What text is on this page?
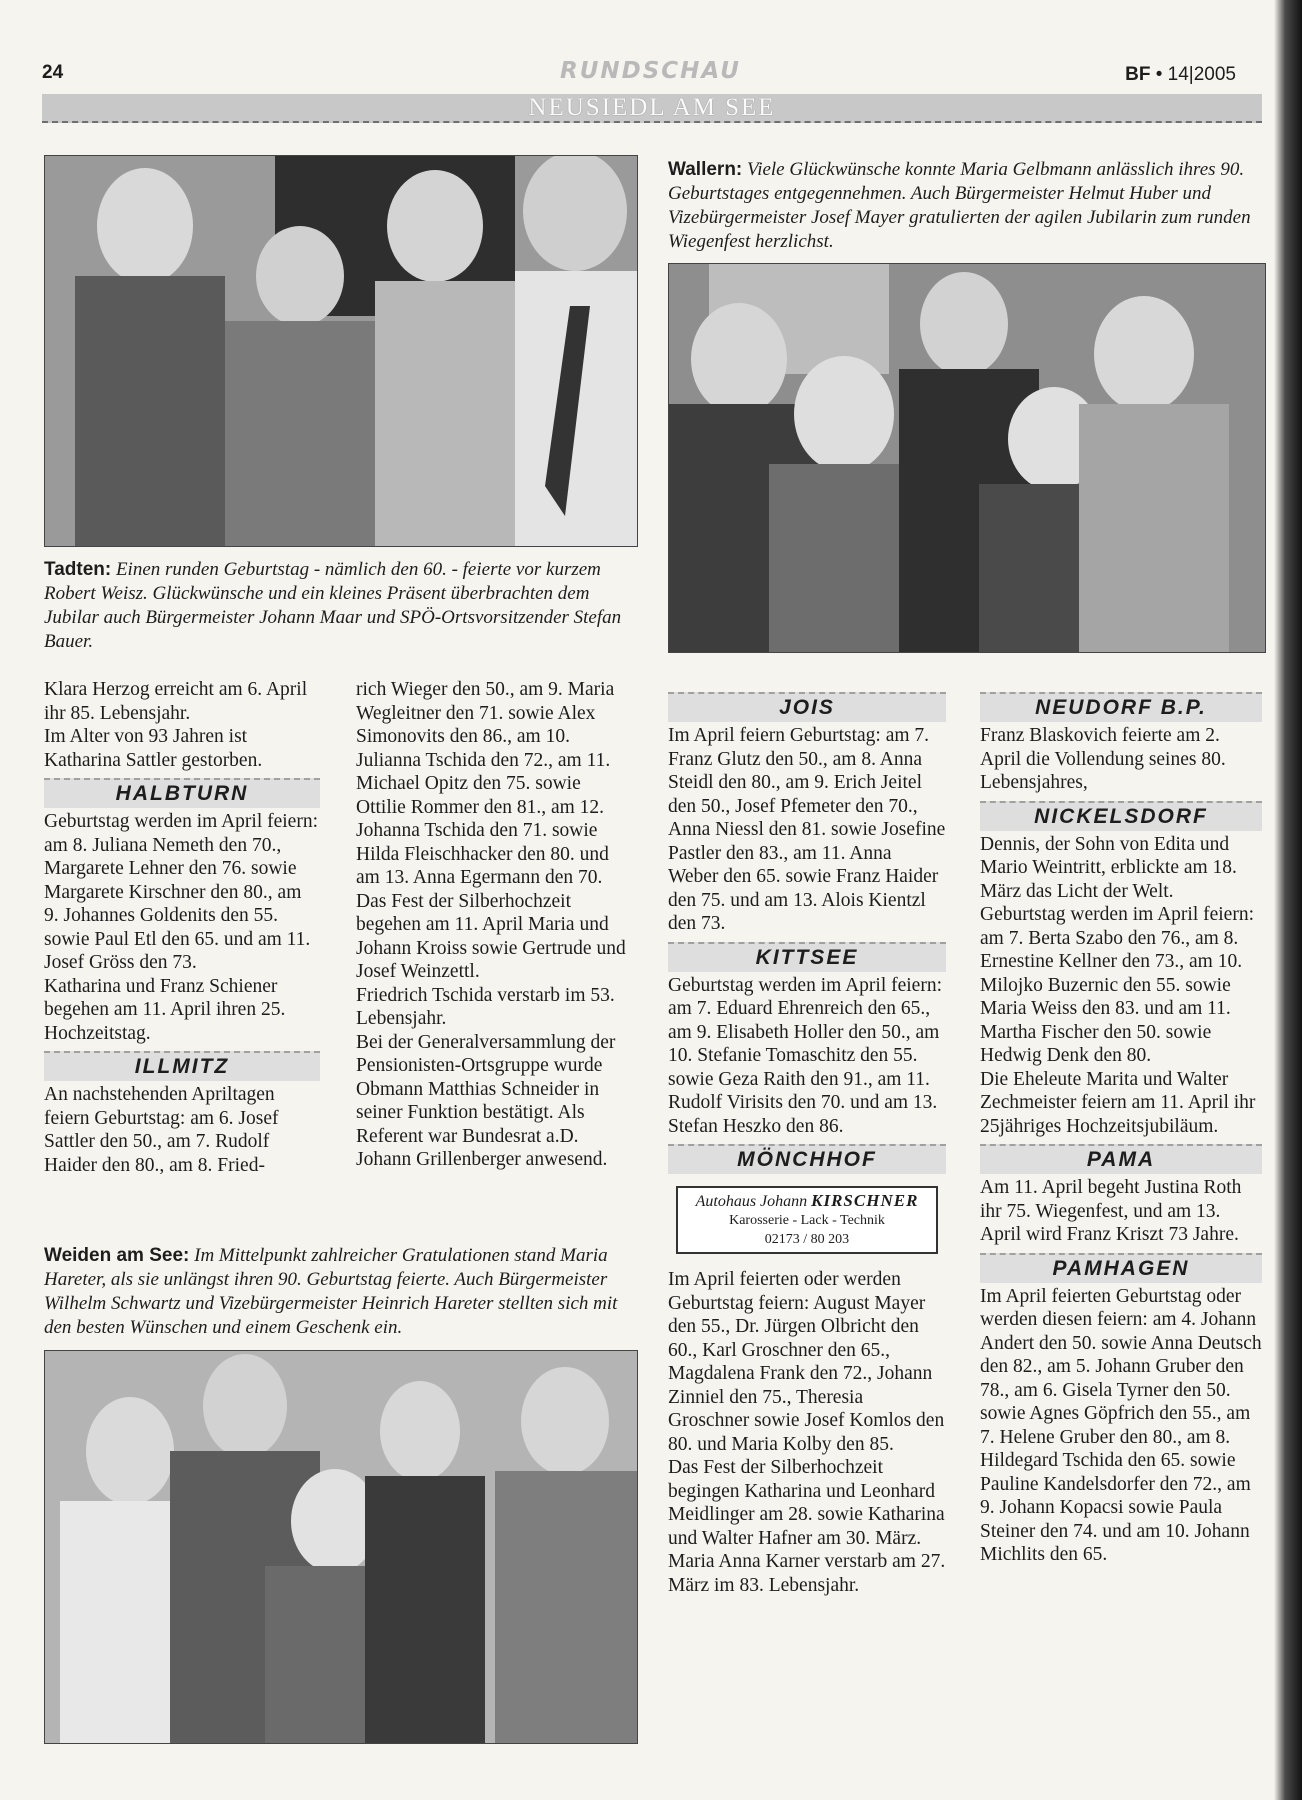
24	RUNDSCHAU	BF • 14|2005
NEUSIEDL AM SEE
Wallern: Viele Glückwünsche konnte Maria Gelbmann anlässlich ihres 90. Geburtstages entgegennehmen. Auch Bürgermeister Helmut Huber und Vizebürgermeister Josef Mayer gratulierten der agilen Jubilarin zum runden Wiegenfest herzlichst.
Tadten: Einen runden Geburtstag - nämlich den 60. - feierte vor kurzem Robert Weisz. Glückwünsche und ein kleines Präsent überbrachten dem Jubilar auch Bürgermeister Johann Maar und SPÖ-Ortsvorsitzender Stefan Bauer.
Weiden am See: Im Mittelpunkt zahlreicher Gratulationen stand Maria Hareter, als sie unlängst ihren 90. Geburtstag feierte. Auch Bürgermeister Wilhelm Schwartz und Vizebürgermeister Heinrich Hareter stellten sich mit den besten Wünschen und einem Geschenk ein.

Klara Herzog erreicht am 6. April ihr 85. Lebensjahr.

Im Alter von 93 Jahren ist Katharina Sattler gestorben.

HALBTURN

Geburtstag werden im April feiern: am 8. Juliana Nemeth den 70., Margarete Lehner den 76. sowie Margarete Kirschner den 80., am 9. Johannes Goldenits den 55. sowie Paul Etl den 65. und am 11. Josef Gröss den 73.

Katharina und Franz Schiener begehen am 11. April ihren 25. Hochzeitstag.

ILLMITZ

An nachstehenden Apriltagen feiern Geburtstag: am 6. Josef Sattler den 50., am 7. Rudolf Haider den 80., am 8. Fried-

rich Wieger den 50., am 9. Maria Wegleitner den 71. sowie Alex Simonovits den 86., am 10. Julianna Tschida den 72., am 11. Michael Opitz den 75. sowie Ottilie Rommer den 81., am 12. Johanna Tschida den 71. sowie Hilda Fleischhacker den 80. und am 13. Anna Egermann den 70.

Das Fest der Silberhochzeit begehen am 11. April Maria und Johann Kroiss sowie Gertrude und Josef Weinzettl.

Friedrich Tschida verstarb im 53. Lebensjahr.

Bei der Generalversammlung der Pensionisten-Ortsgruppe wurde Obmann Matthias Schneider in seiner Funktion bestätigt. Als Referent war Bundesrat a.D. Johann Grillenberger anwesend.

JOIS

Im April feiern Geburtstag: am 7. Franz Glutz den 50., am 8. Anna Steidl den 80., am 9. Erich Jeitel den 50., Josef Pfemeter den 70., Anna Niessl den 81. sowie Josefine Pastler den 83., am 11. Anna Weber den 65. sowie Franz Haider den 75. und am 13. Alois Kientzl den 73.

KITTSEE

Geburtstag werden im April feiern: am 7. Eduard Ehrenreich den 65., am 9. Elisabeth Holler den 50., am 10. Stefanie Tomaschitz den 55. sowie Geza Raith den 91., am 11. Rudolf Virisits den 70. und am 13. Stefan Heszko den 86.

MÖNCHHOF
Autohaus Johann KIRSCHNER
Karosserie - Lack - Technik
02173 / 80 203

Im April feierten oder werden Geburtstag feiern: August Mayer den 55., Dr. Jürgen Olbricht den 60., Karl Groschner den 65., Magdalena Frank den 72., Johann Zinniel den 75., Theresia Groschner sowie Josef Komlos den 80. und Maria Kolby den 85.

Das Fest der Silberhochzeit begingen Katharina und Leonhard Meidlinger am 28. sowie Katharina und Walter Hafner am 30. März.

Maria Anna Karner verstarb am 27. März im 83. Lebensjahr.

NEUDORF B.P.

Franz Blaskovich feierte am 2. April die Vollendung seines 80. Lebensjahres,

NICKELSDORF

Dennis, der Sohn von Edita und Mario Weintritt, erblickte am 18. März das Licht der Welt.

Geburtstag werden im April feiern: am 7. Berta Szabo den 76., am 8. Ernestine Kellner den 73., am 10. Milojko Buzernic den 55. sowie Maria Weiss den 83. und am 11. Martha Fischer den 50. sowie Hedwig Denk den 80.

Die Eheleute Marita und Walter Zechmeister feiern am 11. April ihr 25jähriges Hochzeitsjubiläum.

PAMA

Am 11. April begeht Justina Roth ihr 75. Wiegenfest, und am 13. April wird Franz Kriszt 73 Jahre.

PAMHAGEN

Im April feierten Geburtstag oder werden diesen feiern: am 4. Johann Andert den 50. sowie Anna Deutsch den 82., am 5. Johann Gruber den 78., am 6. Gisela Tyrner den 50. sowie Agnes Göpfrich den 55., am 7. Helene Gruber den 80., am 8. Hildegard Tschida den 65. sowie Pauline Kandelsdorfer den 72., am 9. Johann Kopacsi sowie Paula Steiner den 74. und am 10. Johann Michlits den 65.
